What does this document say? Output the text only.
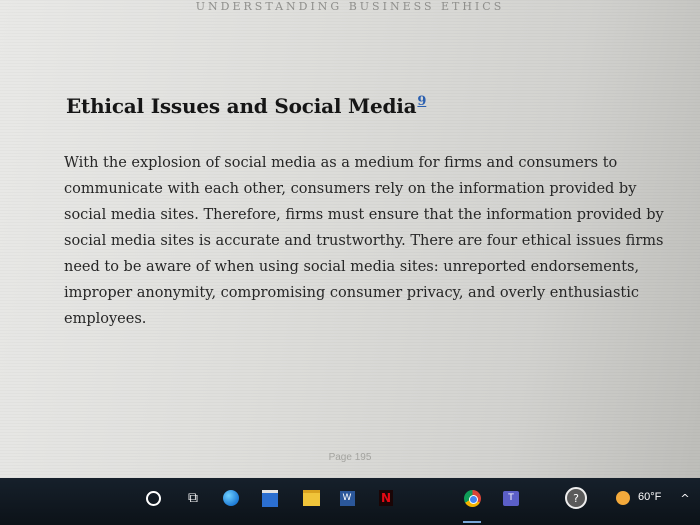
UNDERSTANDING BUSINESS ETHICS
Ethical Issues and Social Media$^9$

With the explosion of social media as a medium for firms and consumers to communicate with each other, consumers rely on the information provided by social media sites. Therefore, firms must ensure that the information provided by social media sites is accurate and trustworthy. There are four ethical issues firms need to be aware of when using social media sites: unreported endorsements, improper anonymity, compromising consumer privacy, and overly enthusiastic employees.

Page 195
⧉	W N	T	?	60°F	^
